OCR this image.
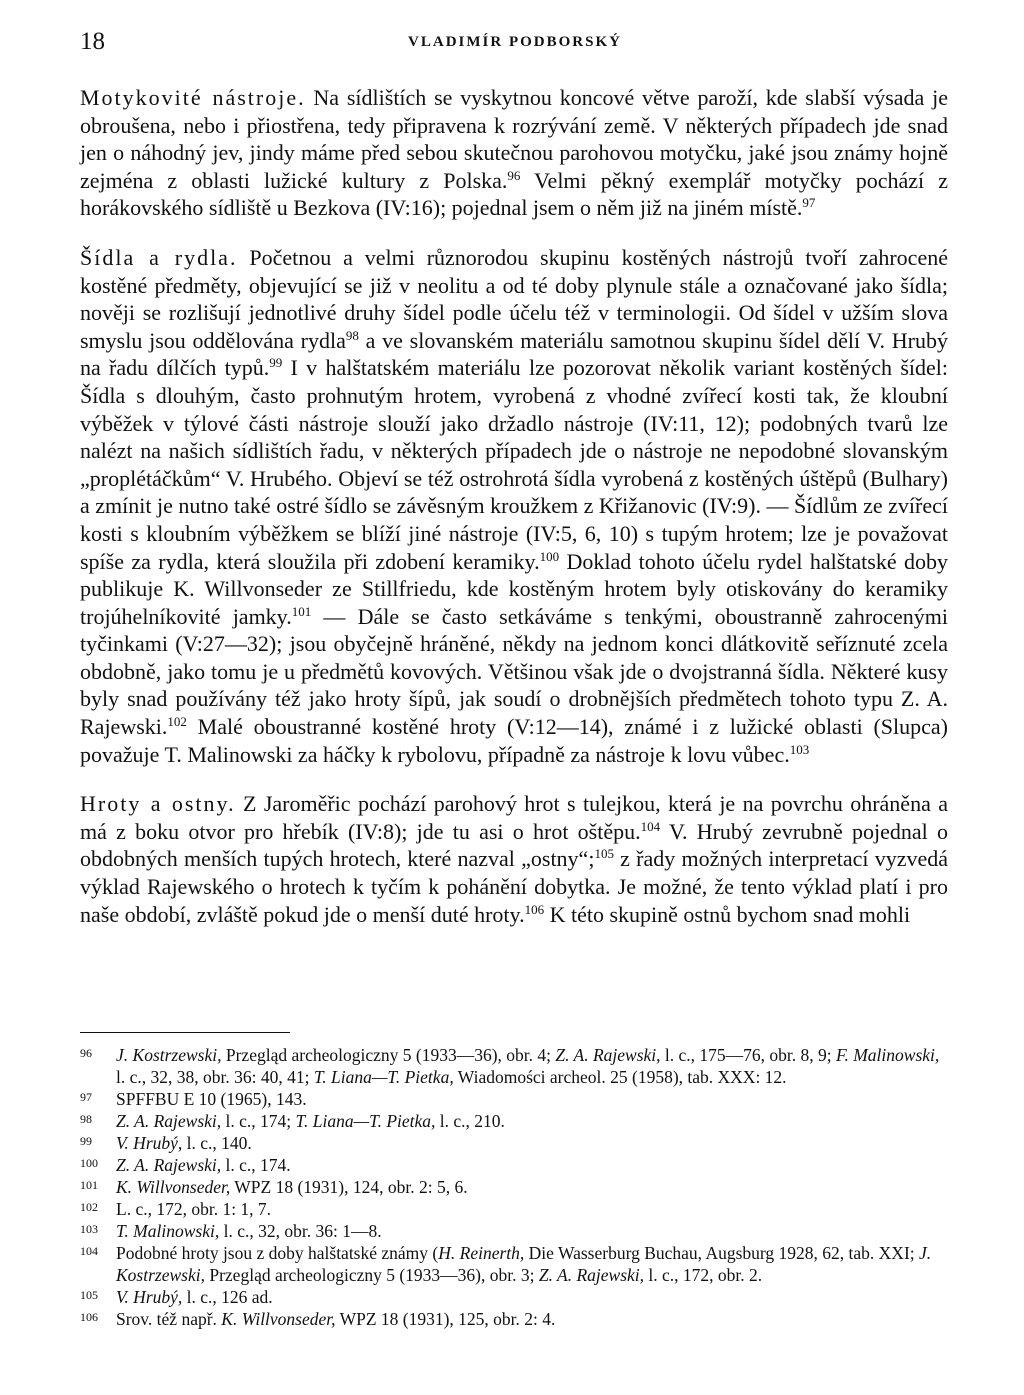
18	VLADIMÍR PODBORSKÝ

Motykovité nástroje. Na sídlištích se vyskytnou koncové větve paroží, kde slabší výsada je obroušena, nebo i přiostřena, tedy připravena k rozrývání země. V některých případech jde snad jen o náhodný jev, jindy máme před sebou skutečnou parohovou motyčku, jaké jsou známy hojně zejména z oblasti lužické kultury z Polska.$^{96}$ Velmi pěkný exemplář motyčky pochází z horákovského sídliště u Bezkova (IV:16); pojednal jsem o něm již na jiném místě.$^{97}$

Šídla a rydla. Početnou a velmi různorodou skupinu kostěných nástrojů tvoří zahrocené kostěné předměty, objevující se již v neolitu a od té doby plynule stále a označované jako šídla; nověji se rozlišují jednotlivé druhy šídel podle účelu též v terminologii. Od šídel v užším slova smyslu jsou oddělována rydla$^{98}$ a ve slovanském materiálu samotnou skupinu šídel dělí V. Hrubý na řadu dílčích typů.$^{99}$ I v halštatském materiálu lze pozorovat několik variant kostěných šídel: Šídla s dlouhým, často prohnutým hrotem, vyrobená z vhodné zvířecí kosti tak, že kloubní výběžek v týlové části nástroje slouží jako držadlo nástroje (IV:11, 12); podobných tvarů lze nalézt na našich sídlištích řadu, v některých případech jde o nástroje ne nepodobné slovanským „proplétáčkům“ V. Hrubého. Objeví se též ostrohrotá šídla vyrobená z kostěných úštěpů (Bulhary) a zmínit je nutno také ostré šídlo se závěsným kroužkem z Křižanovic (IV:9). — Šídlům ze zvířecí kosti s kloubním výběžkem se blíží jiné nástroje (IV:5, 6, 10) s tupým hrotem; lze je považovat spíše za rydla, která sloužila při zdobení keramiky.$^{100}$ Doklad tohoto účelu rydel halštatské doby publikuje K. Willvonseder ze Stillfriedu, kde kostěným hrotem byly otiskovány do keramiky trojúhelníkovité jamky.$^{101}$ — Dále se často setkáváme s tenkými, oboustranně zahrocenými tyčinkami (V:27—32); jsou obyčejně hráněné, někdy na jednom konci dlátkovitě seříznuté zcela obdobně, jako tomu je u předmětů kovových. Většinou však jde o dvojstranná šídla. Některé kusy byly snad používány též jako hroty šípů, jak soudí o drobnějších předmětech tohoto typu Z. A. Rajewski.$^{102}$ Malé oboustranné kostěné hroty (V:12—14), známé i z lužické oblasti (Slupca) považuje T. Malinowski za háčky k rybolovu, případně za nástroje k lovu vůbec.$^{103}$

Hroty a ostny. Z Jaroměřic pochází parohový hrot s tulejkou, která je na povrchu ohráněna a má z boku otvor pro hřebík (IV:8); jde tu asi o hrot oštěpu.$^{104}$ V. Hrubý zevrubně pojednal o obdobných menších tupých hrotech, které nazval „ostny“;$^{105}$ z řady možných interpretací vyzvedá výklad Rajewského o hrotech k tyčím k pohánění dobytka. Je možné, že tento výklad platí i pro naše období, zvláště pokud jde o menší duté hroty.$^{106}$ K této skupině ostnů bychom snad mohli

96	J. Kostrzewski, Przegląd archeologiczny 5 (1933—36), obr. 4; Z. A. Rajewski, l. c., 175—76, obr. 8, 9; F. Malinowski, l. c., 32, 38, obr. 36: 40, 41; T. Liana—T. Pietka, Wiadomości archeol. 25 (1958), tab. XXX: 12.
97	SPFFBU E 10 (1965), 143.
98	Z. A. Rajewski, l. c., 174; T. Liana—T. Pietka, l. c., 210.
99	V. Hrubý, l. c., 140.
100	Z. A. Rajewski, l. c., 174.
101	K. Willvonseder, WPZ 18 (1931), 124, obr. 2: 5, 6.
102	L. c., 172, obr. 1: 1, 7.
103	T. Malinowski, l. c., 32, obr. 36: 1—8.
104	Podobné hroty jsou z doby halštatské známy (H. Reinerth, Die Wasserburg Buchau, Augsburg 1928, 62, tab. XXI; J. Kostrzewski, Przegląd archeologiczny 5 (1933—36), obr. 3; Z. A. Rajewski, l. c., 172, obr. 2.
105	V. Hrubý, l. c., 126 ad.
106	Srov. též např. K. Willvonseder, WPZ 18 (1931), 125, obr. 2: 4.
